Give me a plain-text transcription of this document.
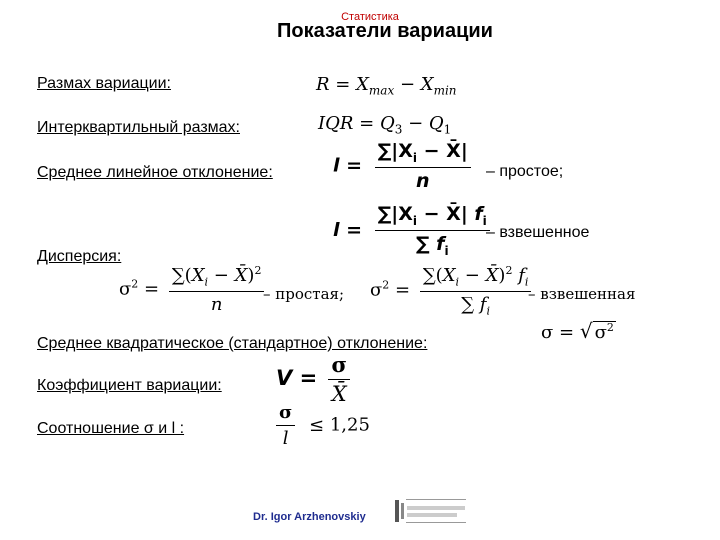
Статистика
Показатели вариации
Размах вариации:
Интерквартильный размах:
Среднее линейное отклонение:
Дисперсия:
Среднее квадратическое (стандартное) отклонение:
Коэффициент вариации:
Соотношение σ и l :
$R = X_{max} - X_{min}$
IQR = $Q_3 - Q_1$
$l = \frac{\sum|X_i - X̄|}{n}$ – простое;
$l = \frac{\sum|X_i - X̄| f_i}{\sum f_i}$
– взвешенное
$\sigma^2 = \frac{\sum(X_i - X̄)^2}{n}$
– простая; $\sigma^2 = \frac{\sum(X_i - X̄)^2 f_i}{\sum f_i}$
– взвешенная
σ = √ $\sigma^2$
$V = \frac{\sigma}{X̄}$
$\frac{\sigma}{l} \le 1,25$
Dr. Igor Arzhenovskiy
